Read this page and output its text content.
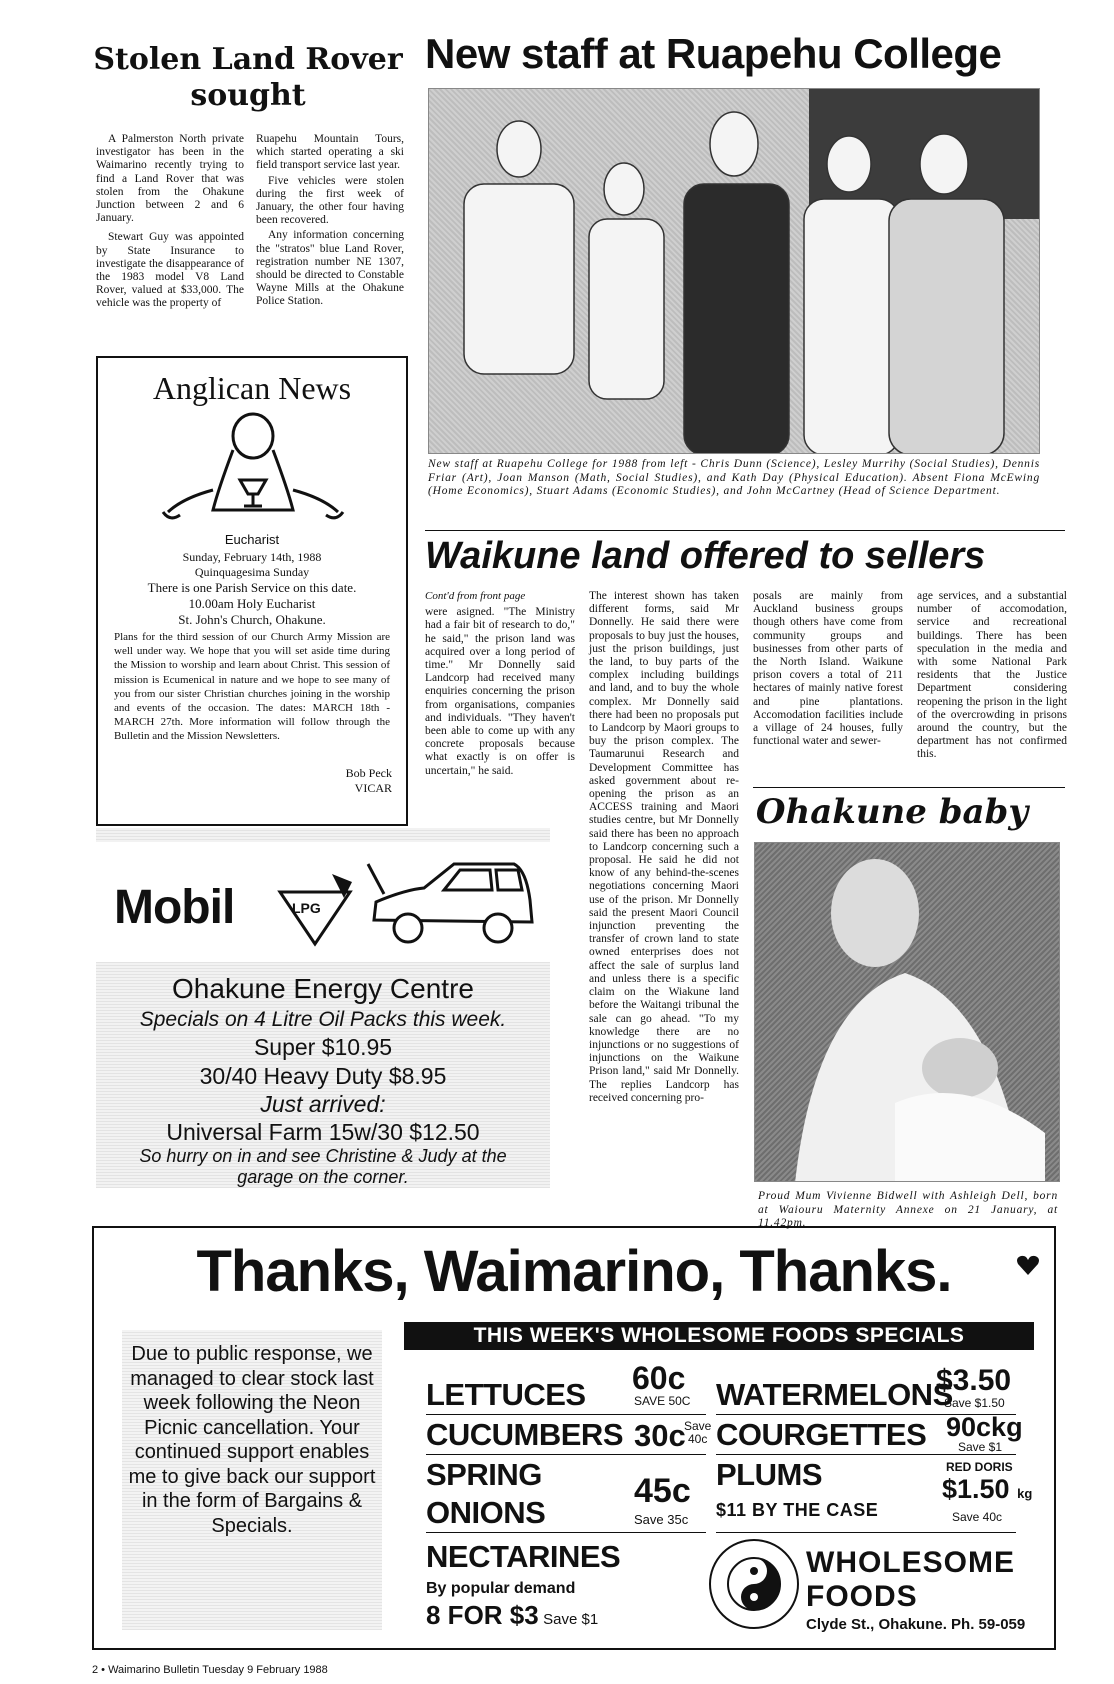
Stolen Land Rover
sought

A Palmerston North private investigator has been in the Waimarino recently trying to find a Land Rover that was stolen from the Ohakune Junction between 2 and 6 January.

Stewart Guy was appointed by State Insurance to investigate the disappearance of the 1983 model V8 Land Rover, valued at $33,000. The vehicle was the property of

Ruapehu Mountain Tours, which started operating a ski field transport service last year.

Five vehicles were stolen during the first week of January, the other four having been recovered.

Any information concerning the "stratos" blue Land Rover, registration number NE 1307, should be directed to Constable Wayne Mills at the Ohakune Police Station.

New staff at Ruapehu College
New staff at Ruapehu College for 1988 from left - Chris Dunn (Science), Lesley Murrihy (Social Studies), Dennis Friar (Art), Joan Manson (Math, Social Studies), and Kath Day (Physical Education). Absent Fiona McEwing (Home Economics), Stuart Adams (Economic Studies), and John McCartney (Head of Science Department.
Anglican News
Eucharist
Sunday, February 14th, 1988
Quinquagesima Sunday
There is one Parish Service on this date.
10.00am Holy Eucharist
St. John's Church, Ohakune.
Plans for the third session of our Church Army Mission are well under way. We hope that you will set aside time during the Mission to worship and learn about Christ. This session of mission is Ecumenical in nature and we hope to see many of you from our sister Christian churches joining in the worship and events of the occasion. The dates: MARCH 18th - MARCH 27th. More information will follow through the Bulletin and the Mission Newsletters.
Bob Peck
VICAR
Waikune land offered to sellers
Cont'd from front page
were asigned. "The Ministry had a fair bit of research to do," he said," the prison land was acquired over a long period of time." Mr Donnelly said Landcorp had received many enquiries concerning the prison from organisations, companies and individuals. "They haven't been able to come up with any concrete proposals because what exactly is on offer is uncertain," he said.
The interest shown has taken different forms, said Mr Donnelly. He said there were proposals to buy just the houses, just the prison buildings, just the land, to buy parts of the complex including buildings and land, and to buy the whole complex. Mr Donnelly said there had been no proposals put to Landcorp by Maori groups to buy the prison complex. The Taumarunui Research and Development Committee has asked government about re-opening the prison as an ACCESS training and Maori studies centre, but Mr Donnelly said there has been no approach to Landcorp concerning such a proposal. He said he did not know of any behind-the-scenes negotiations concerning Maori use of the prison. Mr Donnelly said the present Maori Council injunction preventing the transfer of crown land to state owned enterprises does not affect the sale of surplus land and unless there is a specific claim on the Wiakune land before the Waitangi tribunal the sale can go ahead. "To my knowledge there are no injunctions or no suggestions of injunctions on the Waikune Prison land," said Mr Donnelly. The replies Landcorp has received concerning pro-
posals are mainly from Auckland business groups though others have come from community groups and businesses from other parts of the North Island. Waikune prison covers a total of 211 hectares of mainly native forest and pine plantations. Accomodation facilities include a village of 24 houses, fully functional water and sewer-
age services, and a substantial number of accomodation, service and recreational buildings. There has been speculation in the media and with some National Park residents that the Justice Department considering reopening the prison in the light of the overcrowding in prisons around the country, but the department has not confirmed this.
Mobil	LPG
Ohakune Energy Centre
Specials on 4 Litre Oil Packs this week.
Super $10.95
30/40 Heavy Duty $8.95
Just arrived:
Universal Farm 15w/30 $12.50
So hurry on in and see Christine & Judy at the
garage on the corner.
Ohakune baby
Proud Mum Vivienne Bidwell with Ashleigh Dell, born at Waiouru Maternity Annexe on 21 January, at 11.42pm.
Thanks, Waimarino, Thanks.
Due to public response, we managed to clear stock last week following the Neon Picnic cancellation. Your continued support enables me to give back our support in the form of Bargains & Specials.
THIS WEEK'S WHOLESOME FOODS SPECIALS
LETTUCES 60c
SAVE 50C
CUCUMBERS 30c
Save
40c
SPRING
ONIONS
45c
Save 35c
NECTARINES
By popular demand
8 FOR $3 Save $1
WATERMELONS
$3.50
Save $1.50
COURGETTES 90ckg
Save $1
PLUMS
$11 BY THE CASE
RED DORIS
$1.50 kg
Save 40c
WHOLESOME
FOODS
Clyde St., Ohakune. Ph. 59-059
2 • Waimarino Bulletin Tuesday 9 February 1988
